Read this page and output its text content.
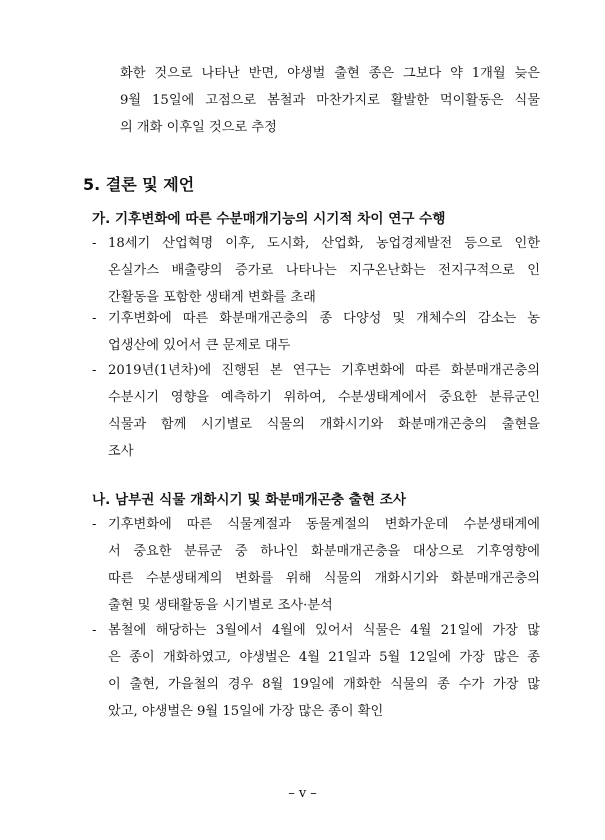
화한 것으로 나타난 반면, 야생벌 출현 종은 그보다 약 1개월 늦은
9월 15일에 고점으로 봄철과 마찬가지로 활발한 먹이활동은 식물
의 개화 이후일 것으로 추정
5. 결론 및 제언
가. 기후변화에 따른 수분매개기능의 시기적 차이 연구 수행
- 18세기 산업혁명 이후, 도시화, 산업화, 농업경제발전 등으로 인한
온실가스 배출량의 증가로 나타나는 지구온난화는 전지구적으로 인
간활동을 포함한 생태계 변화를 초래
- 기후변화에 따른 화분매개곤충의 종 다양성 및 개체수의 감소는 농
업생산에 있어서 큰 문제로 대두
- 2019년(1년차)에 진행된 본 연구는 기후변화에 따른 화분매개곤충의
수분시기 영향을 예측하기 위하여, 수분생태계에서 중요한 분류군인
식물과 함께 시기별로 식물의 개화시기와 화분매개곤충의 출현을
조사
나. 남부권 식물 개화시기 및 화분매개곤충 출현 조사
- 기후변화에 따른 식물계절과 동물계절의 변화가운데 수분생태계에
서 중요한 분류군 중 하나인 화분매개곤충을 대상으로 기후영향에
따른 수분생태계의 변화를 위해 식물의 개화시기와 화분매개곤충의
출현 및 생태활동을 시기별로 조사·분석
- 봄철에 해당하는 3월에서 4월에 있어서 식물은 4월 21일에 가장 많
은 종이 개화하였고, 야생벌은 4월 21일과 5월 12일에 가장 많은 종
이 출현, 가을철의 경우 8월 19일에 개화한 식물의 종 수가 가장 많
았고, 야생벌은 9월 15일에 가장 많은 종이 확인
– v –
